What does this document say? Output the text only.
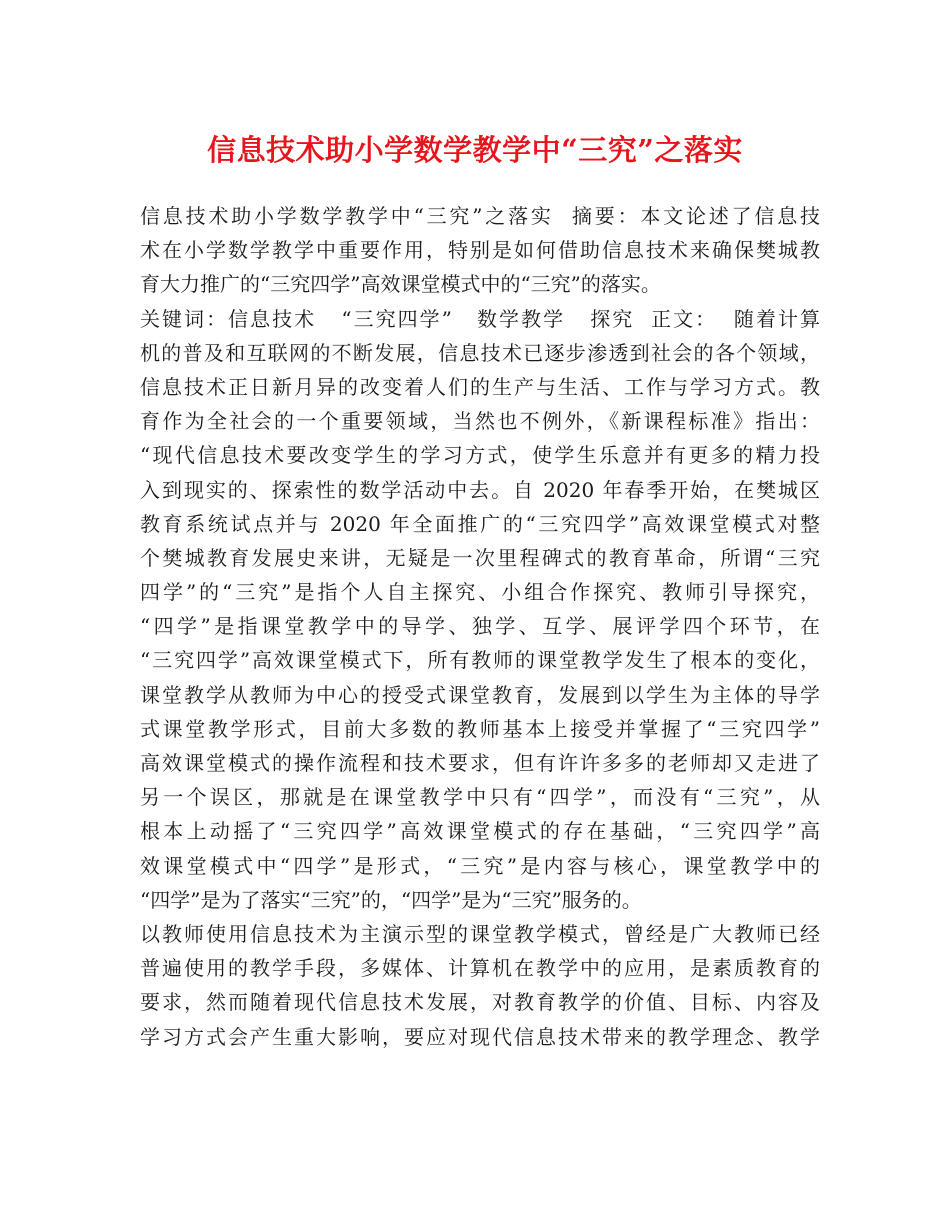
信息技术助小学数学教学中“三究”之落实
信息技术助小学数学教学中“三究”之落实  摘要：本文论述了信息技
术在小学数学教学中重要作用，特别是如何借助信息技术来确保樊城教
育大力推广的“三究四学”高效课堂模式中的“三究”的落实。
关键词：信息技术   “三究四学”   数学教学   探究  正文：  随着计算
机的普及和互联网的不断发展，信息技术已逐步渗透到社会的各个领域，
信息技术正日新月异的改变着人们的生产与生活、工作与学习方式。教
育作为全社会的一个重要领域，当然也不例外，《新课程标准》指出：
“现代信息技术要改变学生的学习方式，使学生乐意并有更多的精力投
入到现实的、探索性的数学活动中去。自 2020 年春季开始，在樊城区
教育系统试点并与 2020 年全面推广的“三究四学”高效课堂模式对整
个樊城教育发展史来讲，无疑是一次里程碑式的教育革命，所谓“三究
四学”的“三究”是指个人自主探究、小组合作探究、教师引导探究，
“四学”是指课堂教学中的导学、独学、互学、展评学四个环节，在
“三究四学”高效课堂模式下，所有教师的课堂教学发生了根本的变化，
课堂教学从教师为中心的授受式课堂教育，发展到以学生为主体的导学
式课堂教学形式，目前大多数的教师基本上接受并掌握了“三究四学”
高效课堂模式的操作流程和技术要求，但有许许多多的老师却又走进了
另一个误区，那就是在课堂教学中只有“四学”，而没有“三究”，从
根本上动摇了“三究四学”高效课堂模式的存在基础，“三究四学”高
效课堂模式中“四学”是形式，“三究”是内容与核心，课堂教学中的
“四学”是为了落实“三究”的，“四学”是为“三究”服务的。
以教师使用信息技术为主演示型的课堂教学模式，曾经是广大教师已经
普遍使用的教学手段，多媒体、计算机在教学中的应用，是素质教育的
要求，然而随着现代信息技术发展，对教育教学的价值、目标、内容及
学习方式会产生重大影响，要应对现代信息技术带来的教学理念、教学
